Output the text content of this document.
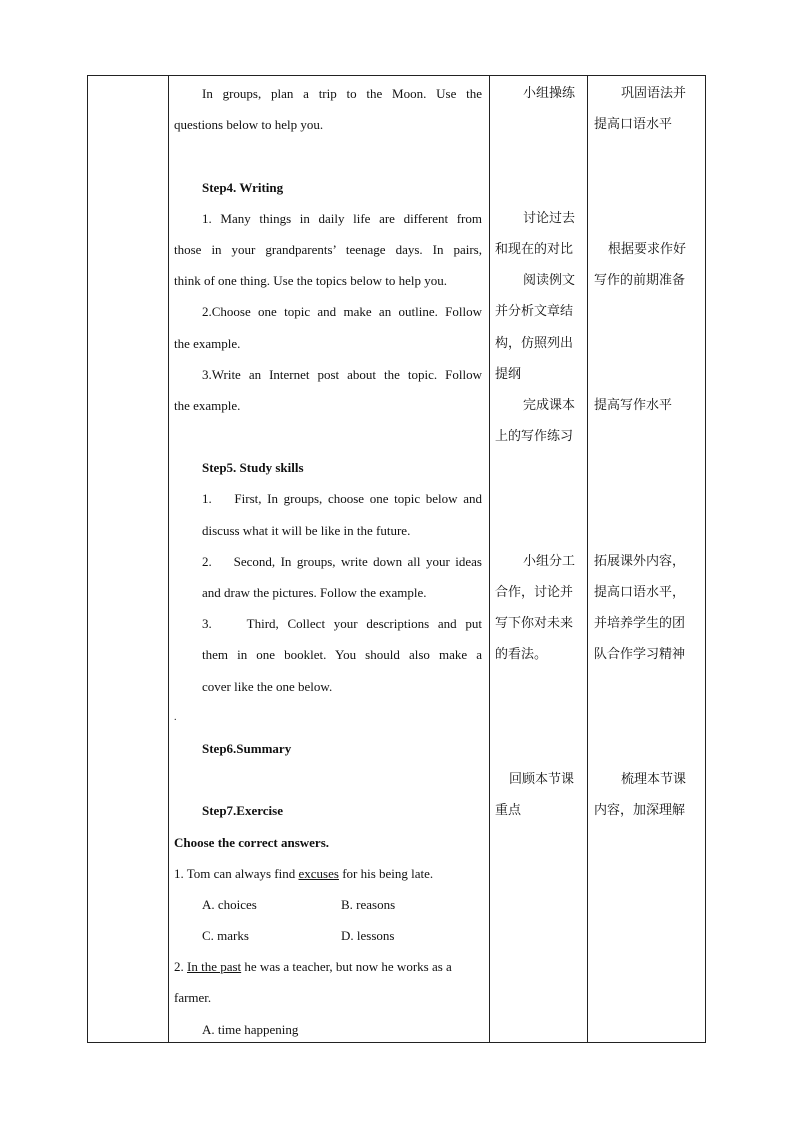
In groups, plan a trip to the Moon. Use the

questions below to help you.

Step4. Writing

1. Many things in daily life are different from

those in your grandparents’ teenage days. In pairs,

think of one thing. Use the topics below to help you.

2.Choose one topic and make an outline. Follow

the example.

3.Write an Internet post about the topic. Follow

the example.

Step5. Study skills

1.    First, In groups, choose one topic below and

discuss what it will be like in the future.

2.    Second, In groups, write down all your ideas

and draw the pictures. Follow the example.

3.    Third, Collect your descriptions and put

them in one booklet. You should also make a

cover like the one below.

.

Step6.Summary

Step7.Exercise

Choose the correct answers.

1. Tom can always find excuses for his being late.

A. choices	B. reasons

C. marks	D. lessons

2. In the past he was a teacher, but now he works as a

farmer.

A. time happening

小组操练

讨论过去

和现在的对比

阅读例文

并分析文章结

构，仿照列出

提纲

完成课本

上的写作练习

小组分工

合作，讨论并

写下你对未来

的看法。

回顾本节课

重点

巩固语法并

提高口语水平

根据要求作好

写作的前期准备

提高写作水平

拓展课外内容，

提高口语水平，

并培养学生的团

队合作学习精神

梳理本节课

内容，加深理解
